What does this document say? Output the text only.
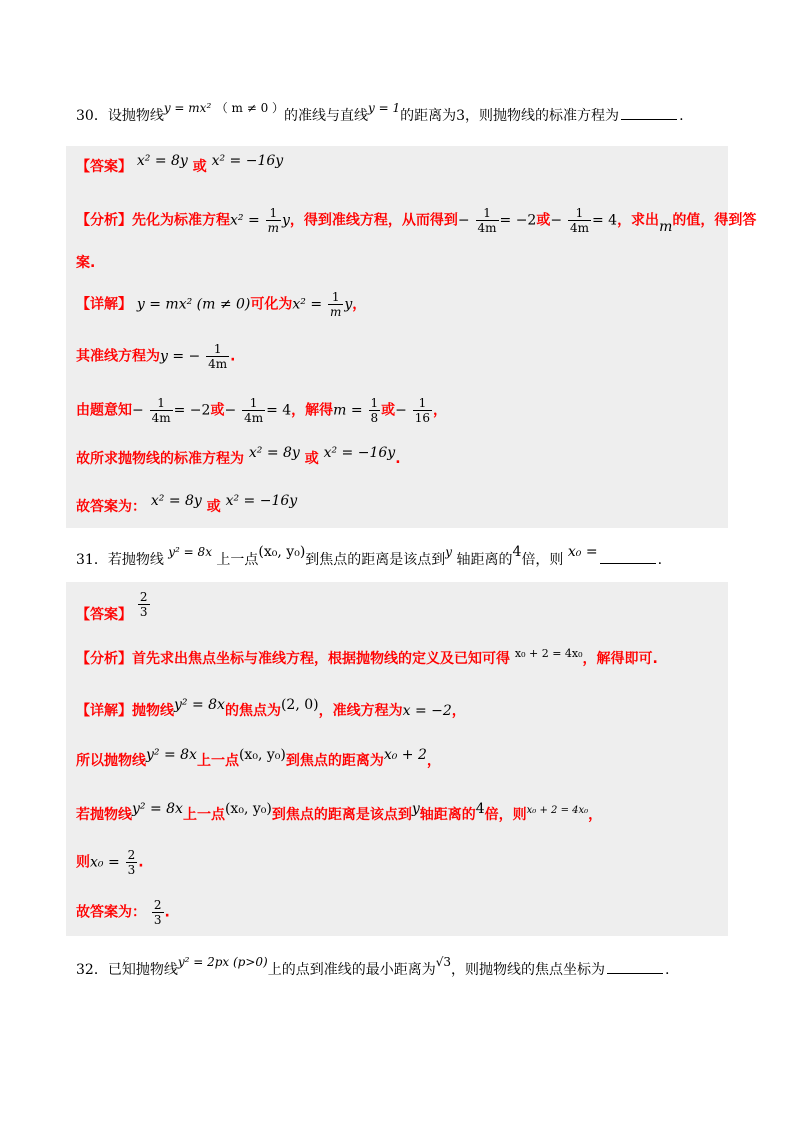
30．设抛物线y = mx² （ m ≠ 0 ）的准线与直线y = 1的距离为3，则抛物线的标准方程为	.
【答案】 x² = 8y 或 x² = −16y
【分析】先化为标准方程$x^2 = \frac{1}{m}$ y，得到准线方程，从而得到− $\frac{1}{4m} = -2$或− $\frac{1}{4m} = 4$，求出m的值，得到答
案.
【详解】 y = mx² (m ≠ 0)可化为$x^2 = \frac{1}{m}$ y，
其准线方程为y = − $\frac{1}{4m}$ .
由题意知− $\frac{1}{4m} = -2$或− $\frac{1}{4m} = 4$，解得$m = \frac{1}{8}$ 或− $\frac{1}{16}$ ，
故所求抛物线的标准方程为 x² = 8y 或 x² = −16y.
故答案为： x² = 8y 或 x² = −16y
31．若抛物线 y² = 8x 上一点(x₀, y₀)到焦点的距离是该点到y 轴距离的4倍，则 x₀ =	.
【答案】 $\frac{2}{3}$
【分析】首先求出焦点坐标与准线方程，根据抛物线的定义及已知可得 $^{x_0 + 2 = 4x_0}$，解得即可.
【详解】抛物线y² = 8x的焦点为(2, 0)，准线方程为x = −2，
所以抛物线y² = 8x上一点(x₀, y₀)到焦点的距离为x₀ + 2，
若抛物线y² = 8x上一点(x₀, y₀)到焦点的距离是该点到y轴距离的4倍，则$^{x_0 + 2 = 4x_0}$，
则$x_0 = \frac{2}{3}$ .
故答案为： $\frac{2}{3}$ .
32．已知抛物线y² = 2px (p>0)上的点到准线的最小距离为√3，则抛物线的焦点坐标为	.
